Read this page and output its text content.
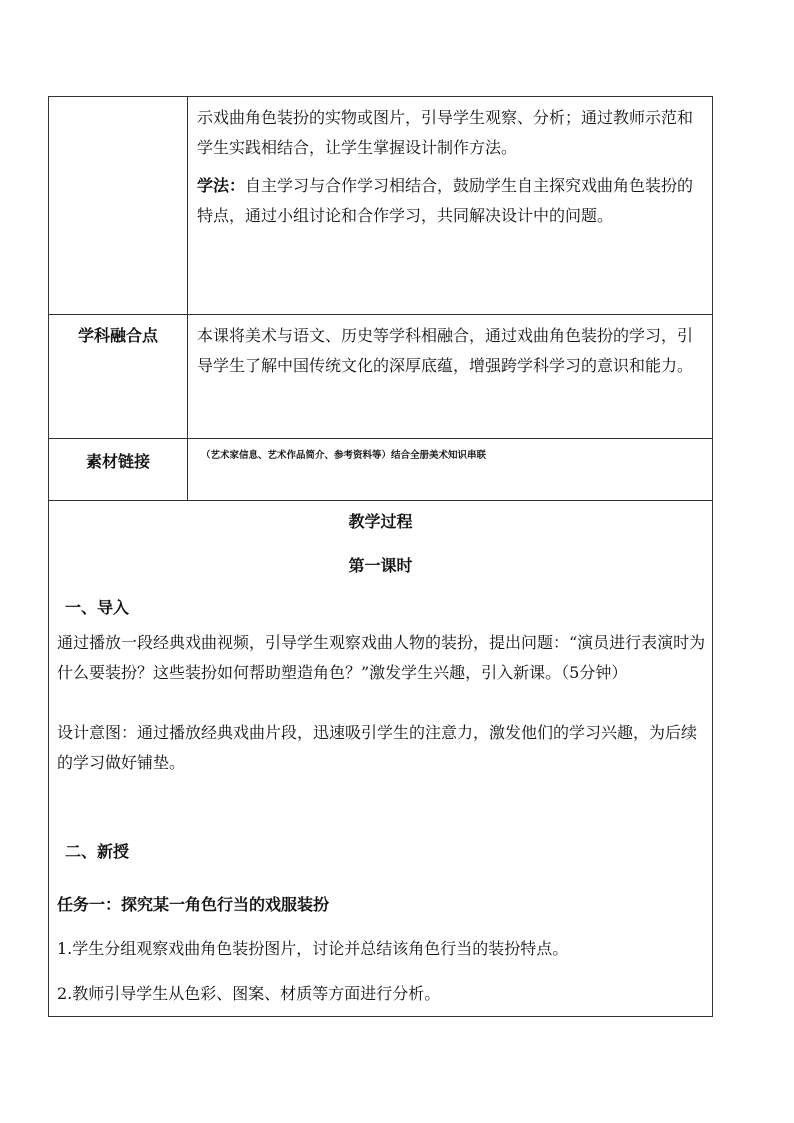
示戏曲角色装扮的实物或图片，引导学生观察、分析；通过教师示范和学生实践相结合，让学生掌握设计制作方法。

学法：自主学习与合作学习相结合，鼓励学生自主探究戏曲角色装扮的特点，通过小组讨论和合作学习，共同解决设计中的问题。

学科融合点	本课将美术与语文、历史等学科相融合，通过戏曲角色装扮的学习，引导学生了解中国传统文化的深厚底蕴，增强跨学科学习的意识和能力。
素材链接	（艺术家信息、艺术作品简介、参考资料等）结合全册美术知识串联
教学过程
第一课时
一、导入
通过播放一段经典戏曲视频，引导学生观察戏曲人物的装扮，提出问题：“演员进行表演时为什么要装扮？这些装扮如何帮助塑造角色？”激发学生兴趣，引入新课。（5分钟）
设计意图：通过播放经典戏曲片段，迅速吸引学生的注意力，激发他们的学习兴趣，为后续的学习做好铺垫。
二、新授
任务一：探究某一角色行当的戏服装扮
1.学生分组观察戏曲角色装扮图片，讨论并总结该角色行当的装扮特点。
2.教师引导学生从色彩、图案、材质等方面进行分析。
